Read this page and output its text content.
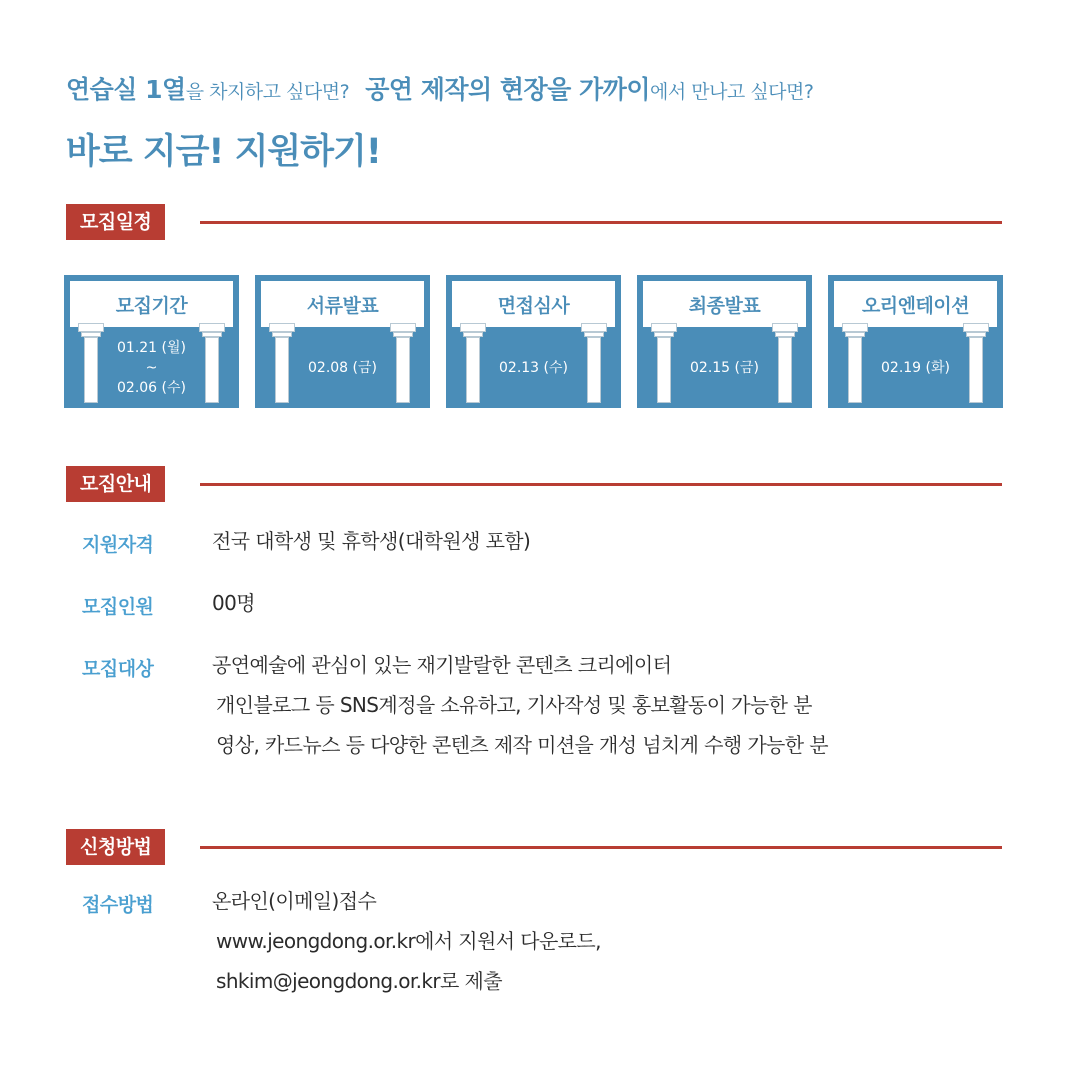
연습실 1열을 차지하고 싶다면? 공연 제작의 현장을 가까이에서 만나고 싶다면?
바로 지금! 지원하기!
모집일정
모집기간
01.21 (월)
~
02.06 (수)
서류발표
02.08 (금)
면접심사
02.13 (수)
최종발표
02.15 (금)
오리엔테이션
02.19 (화)
모집안내
지원자격	전국 대학생 및 휴학생(대학원생 포함)
모집인원	00명
모집대상	공연예술에 관심이 있는 재기발랄한 콘텐츠 크리에이터
개인블로그 등 SNS계정을 소유하고, 기사작성 및 홍보활동이 가능한 분
영상, 카드뉴스 등 다양한 콘텐츠 제작 미션을 개성 넘치게 수행 가능한 분
신청방법
접수방법	온라인(이메일)접수
www.jeongdong.or.kr에서 지원서 다운로드,
shkim@jeongdong.or.kr로 제출
